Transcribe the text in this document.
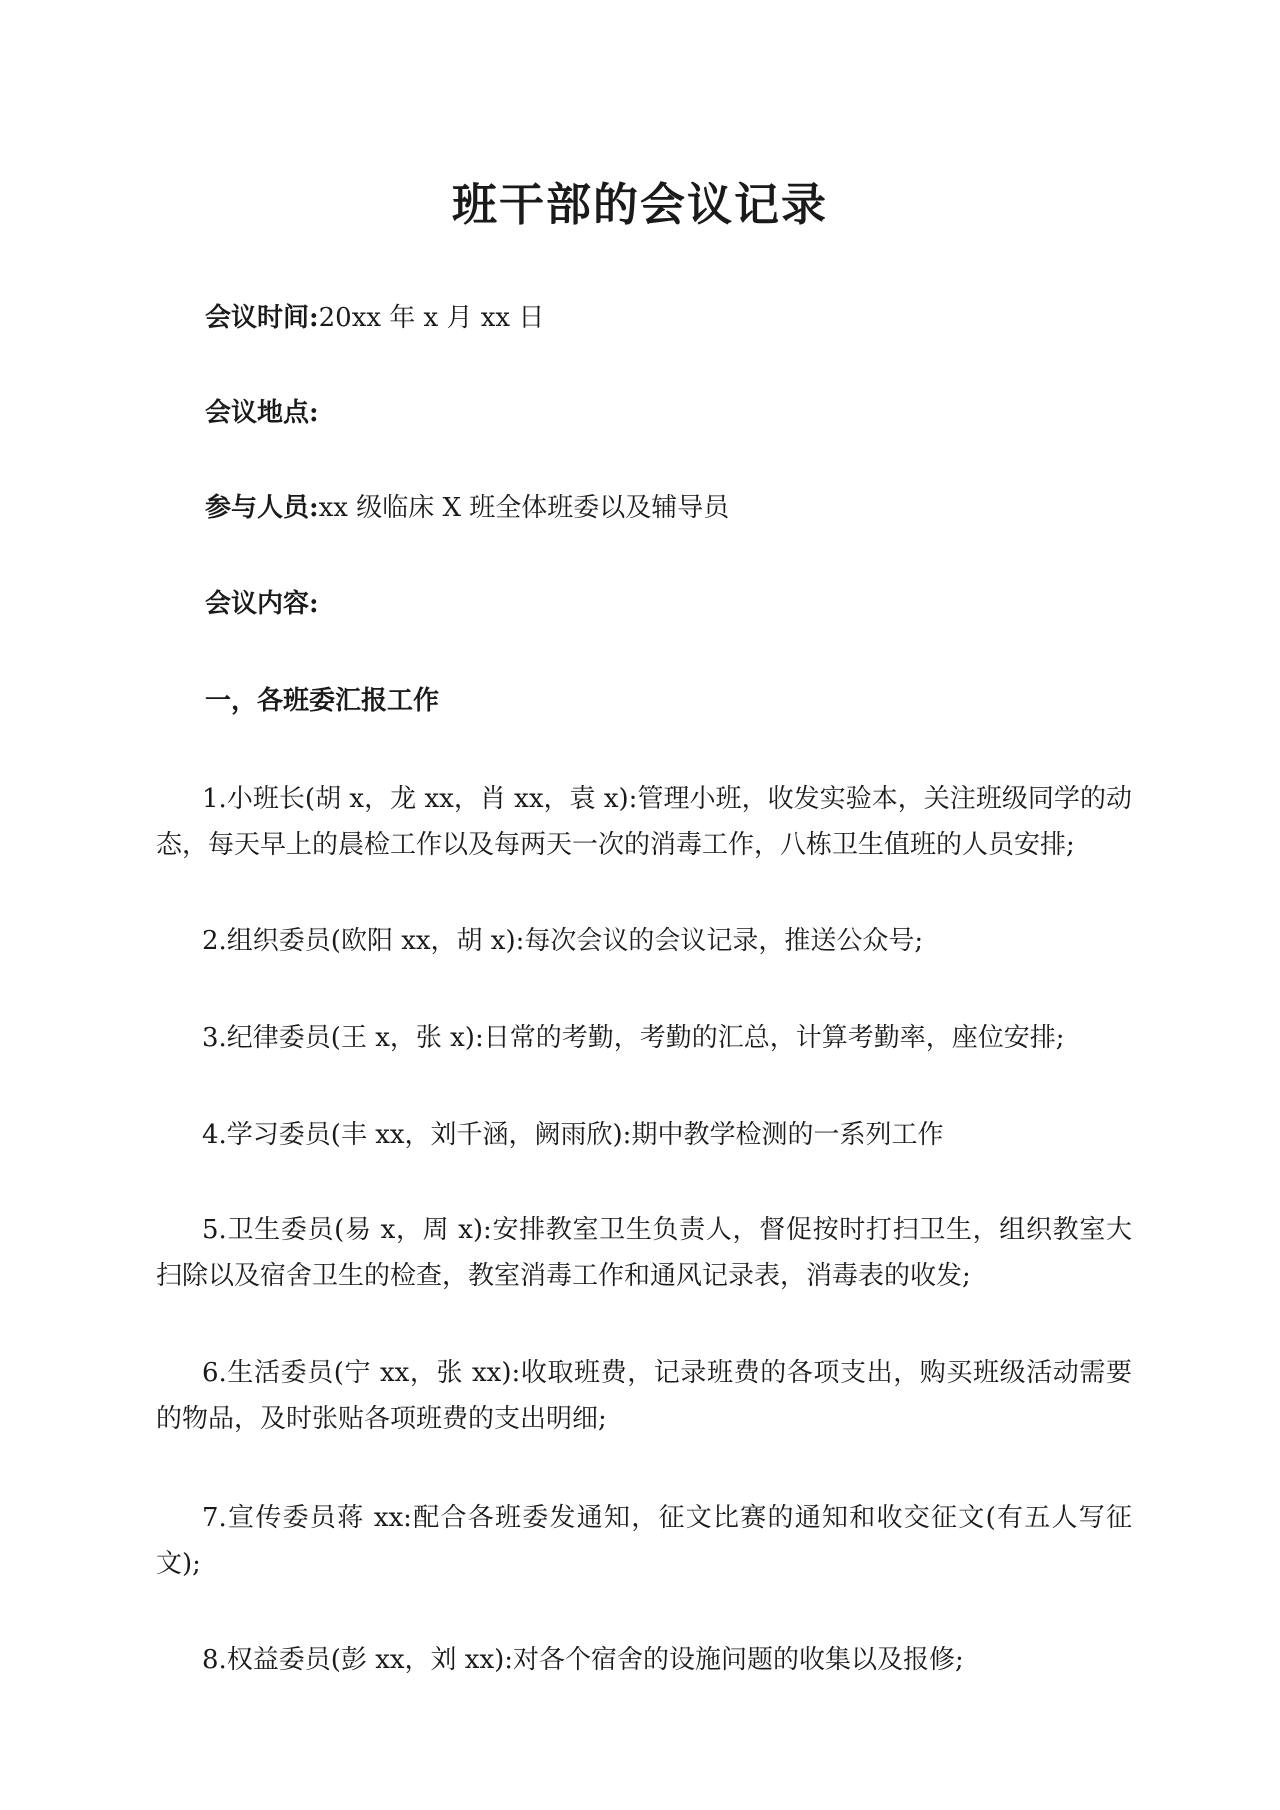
班干部的会议记录

会议时间:20xx 年 x 月 xx 日

会议地点:

参与人员:xx 级临床 X 班全体班委以及辅导员

会议内容:

一，各班委汇报工作

1.小班长(胡 x，龙 xx，肖 xx，袁 x):管理小班，收发实验本，关注班级同学的动态，每天早上的晨检工作以及每两天一次的消毒工作，八栋卫生值班的人员安排;

2.组织委员(欧阳 xx，胡 x):每次会议的会议记录，推送公众号;

3.纪律委员(王 x，张 x):日常的考勤，考勤的汇总，计算考勤率，座位安排;

4.学习委员(丰 xx，刘千涵，阙雨欣):期中教学检测的一系列工作

5.卫生委员(易 x，周 x):安排教室卫生负责人，督促按时打扫卫生，组织教室大扫除以及宿舍卫生的检查，教室消毒工作和通风记录表，消毒表的收发;

6.生活委员(宁 xx，张 xx):收取班费，记录班费的各项支出，购买班级活动需要的物品，及时张贴各项班费的支出明细;

7.宣传委员蒋 xx:配合各班委发通知，征文比赛的通知和收交征文(有五人写征文);

8.权益委员(彭 xx，刘 xx):对各个宿舍的设施问题的收集以及报修;
